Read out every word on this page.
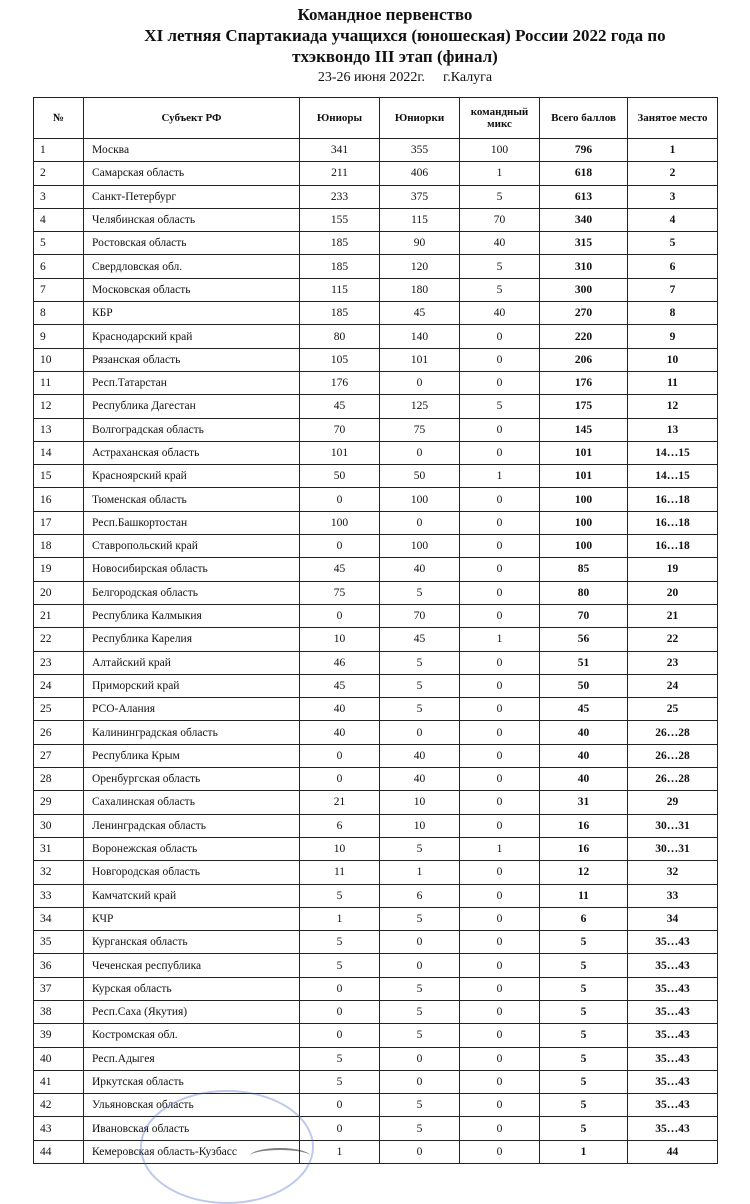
Командное первенство
XI летняя Спартакиада учащихся (юношеская) России 2022 года по
тхэквондо III этап (финал)
23-26 июня 2022г. г.Калуга
№	Субъект РФ	Юниоры	Юниорки	командный микс	Всего баллов	Занятое место
1	Москва	341	355	100	796	1
2	Самарская область	211	406	1	618	2
3	Санкт-Петербург	233	375	5	613	3
4	Челябинская область	155	115	70	340	4
5	Ростовская область	185	90	40	315	5
6	Свердловская обл.	185	120	5	310	6
7	Московская область	115	180	5	300	7
8	КБР	185	45	40	270	8
9	Краснодарский край	80	140	0	220	9
10	Рязанская область	105	101	0	206	10
11	Респ.Татарстан	176	0	0	176	11
12	Республика Дагестан	45	125	5	175	12
13	Волгоградская область	70	75	0	145	13
14	Астраханская область	101	0	0	101	14…15
15	Красноярский край	50	50	1	101	14…15
16	Тюменская область	0	100	0	100	16…18
17	Респ.Башкортостан	100	0	0	100	16…18
18	Ставропольский край	0	100	0	100	16…18
19	Новосибирская область	45	40	0	85	19
20	Белгородская область	75	5	0	80	20
21	Республика Калмыкия	0	70	0	70	21
22	Республика Карелия	10	45	1	56	22
23	Алтайский край	46	5	0	51	23
24	Приморский край	45	5	0	50	24
25	РСО-Алания	40	5	0	45	25
26	Калининградская область	40	0	0	40	26…28
27	Республика Крым	0	40	0	40	26…28
28	Оренбургская область	0	40	0	40	26…28
29	Сахалинская область	21	10	0	31	29
30	Ленинградская область	6	10	0	16	30…31
31	Воронежская область	10	5	1	16	30…31
32	Новгородская область	11	1	0	12	32
33	Камчатский край	5	6	0	11	33
34	КЧР	1	5	0	6	34
35	Курганская область	5	0	0	5	35…43
36	Чеченская республика	5	0	0	5	35…43
37	Курская область	0	5	0	5	35…43
38	Респ.Саха (Якутия)	0	5	0	5	35…43
39	Костромская обл.	0	5	0	5	35…43
40	Респ.Адыгея	5	0	0	5	35…43
41	Иркутская область	5	0	0	5	35…43
42	Ульяновская область	0	5	0	5	35…43
43	Ивановская область	0	5	0	5	35…43
44	Кемеровская область-Кузбасс	1	0	0	1	44
